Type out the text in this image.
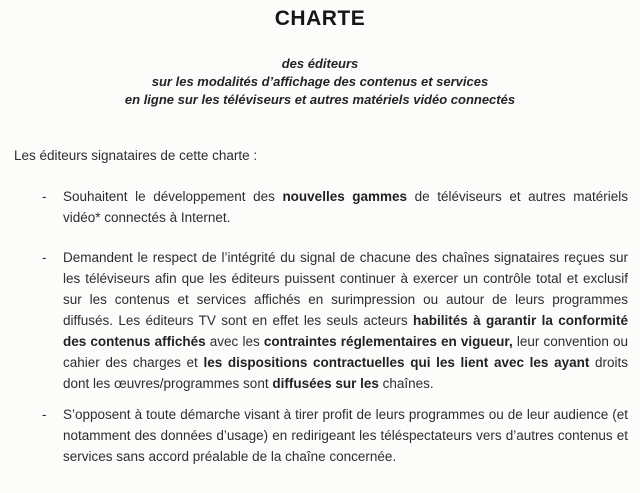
CHARTE
des éditeurs
sur les modalités d’affichage des contenus et services
en ligne sur les téléviseurs et autres matériels vidéo connectés

Les éditeurs signataires de cette charte :

-	Souhaitent le développement des nouvelles gammes de téléviseurs et autres matériels vidéo* connectés à Internet.
-	Demandent le respect de l’intégrité du signal de chacune des chaînes signataires reçues sur les téléviseurs afin que les éditeurs puissent continuer à exercer un contrôle total et exclusif sur les contenus et services affichés en surimpression ou autour de leurs programmes diffusés. Les éditeurs TV sont en effet les seuls acteurs habilités à garantir la conformité des contenus affichés avec les contraintes réglementaires en vigueur, leur convention ou cahier des charges et les dispositions contractuelles qui les lient avec les ayant droits dont les œuvres/programmes sont diffusées sur les chaînes.
-	S’opposent à toute démarche visant à tirer profit de leurs programmes ou de leur audience (et notamment des données d’usage) en redirigeant les téléspectateurs vers d’autres contenus et services sans accord préalable de la chaîne concernée.
